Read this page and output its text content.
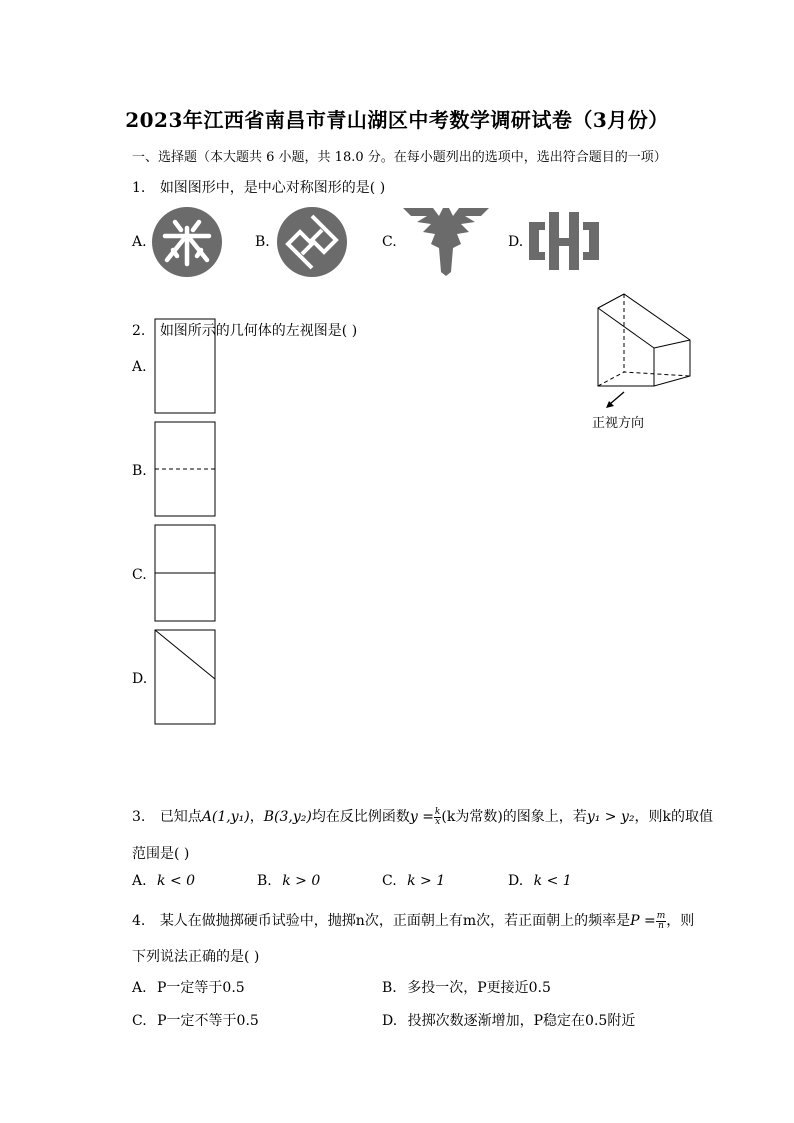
2023年江西省南昌市青山湖区中考数学调研试卷（3月份）
一、选择题（本大题共 6 小题，共 18.0 分。在每小题列出的选项中，选出符合题目的一项）
1. 如图图形中，是中心对称图形的是( )
A.	B.	C.	D.
2. 如图所示的几何体的左视图是( )
正视方向
A.
B.
C.
D.
3. 已知点A(1,y₁)，B(3,y₂)均在反比例函数$y = \frac{k}{x} (k$为常数)的图象上，若y₁ > y₂，则k的取值
范围是( )
A. k < 0	B. k > 0	C. k > 1	D. k < 1
4. 某人在做抛掷硬币试验中，抛掷n次，正面朝上有m次，若正面朝上的频率是$P = \frac{m}{n}$ ，则
下列说法正确的是( )
A. P一定等于0.5	B. 多投一次，P更接近0.5
C. P一定不等于0.5	D. 投掷次数逐渐增加，P稳定在0.5附近
